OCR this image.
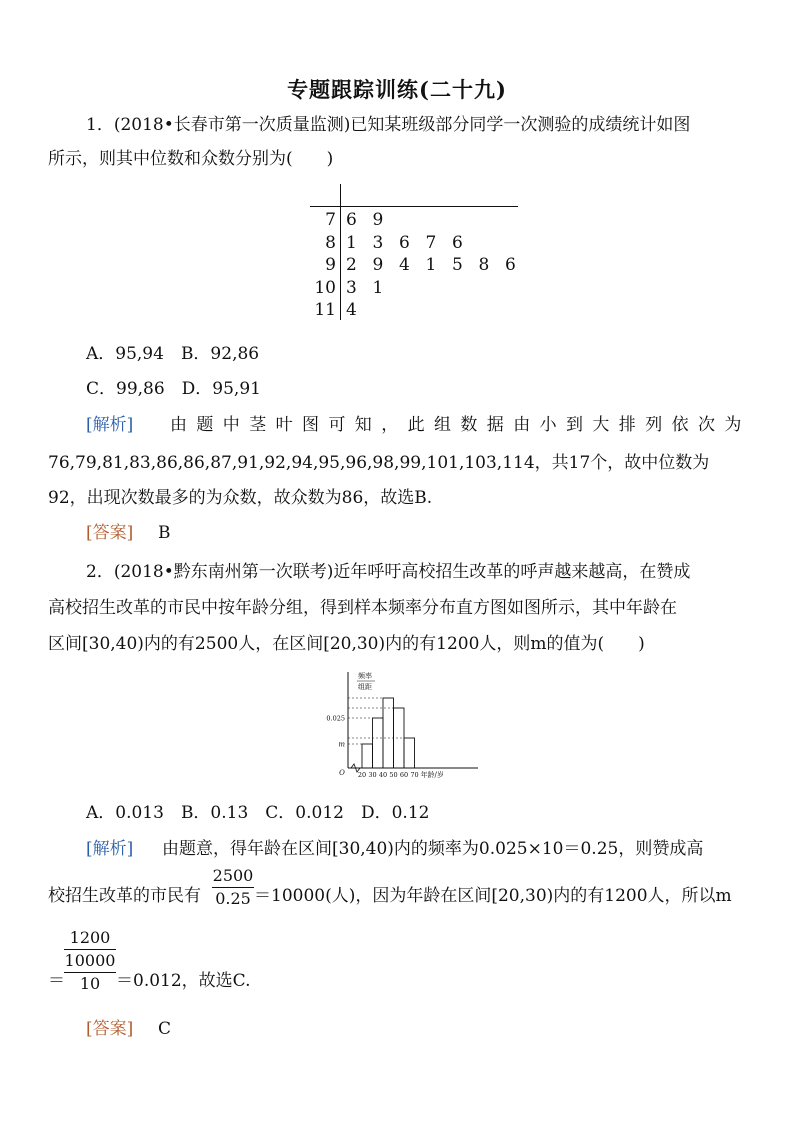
专题跟踪训练(二十九)
1．(2018•长春市第一次质量监测)已知某班级部分同学一次测验的成绩统计如图
所示，则其中位数和众数分别为(　　)
7 6 9
8 1 3 6 7 6
9 2 9 4 1 5 8 6
10 3 1
11 4
A．95,94　B．92,86
C．99,86　D．95,91
[解析] 由题中茎叶图可知，此组数据由小到大排列依次为
76,79,81,83,86,86,87,91,92,94,95,96,98,99,101,103,114，共17个，故中位数为
92，出现次数最多的为众数，故众数为86，故选B.
[答案] B
2．(2018•黔东南州第一次联考)近年呼吁高校招生改革的呼声越来越高，在赞成
高校招生改革的市民中按年龄分组，得到样本频率分布直方图如图所示，其中年龄在
区间[30,40)内的有2500人，在区间[20,30)内的有1200人，则m的值为(　　)
频率
组距
0.025
m
20 30 40 50 60 70 年龄/岁
O
A．0.013　B．0.13　C．0.012　D．0.12
[解析] 由题意，得年龄在区间[30,40)内的频率为0.025×10＝0.25，则赞成高
校招生改革的市民有
2500
0.25 ＝10000(人)，因为年龄在区间[20,30)内的有1200人，所以m
＝
1200
10000
10 ＝0.012，故选C.
[答案] C
